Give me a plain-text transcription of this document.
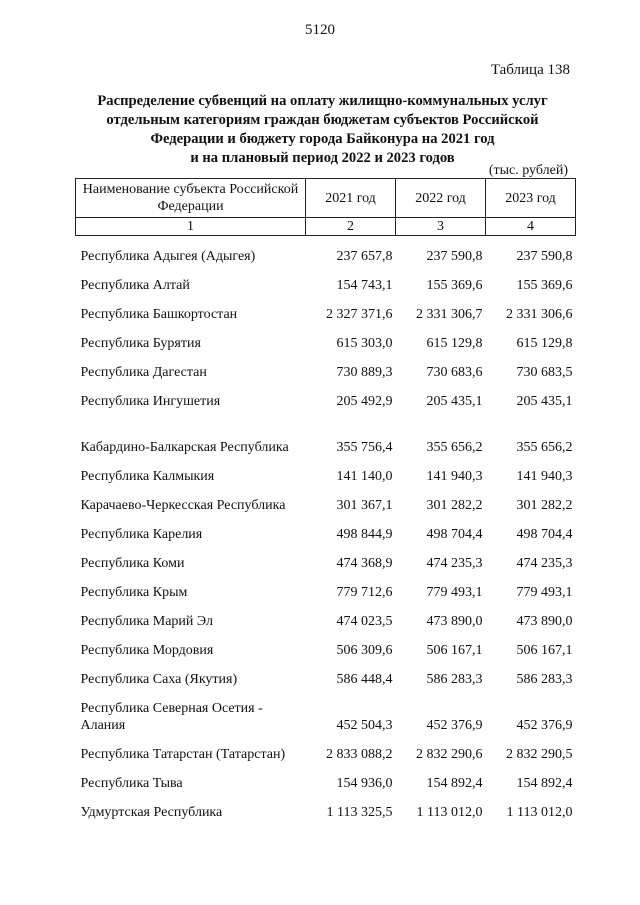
5120
Таблица 138
Распределение субвенций на оплату жилищно-коммунальных услуг
отдельным категориям граждан бюджетам субъектов Российской
Федерации и бюджету города Байконура на 2021 год
и на плановый период 2022 и 2023 годов
(тыс. рублей)
Наименование субъекта Российской Федерации	2021 год	2022 год	2023 год
1	2	3	4
Республика Адыгея (Адыгея)	237 657,8	237 590,8	237 590,8
Республика Алтай	154 743,1	155 369,6	155 369,6
Республика Башкортостан	2 327 371,6	2 331 306,7	2 331 306,6
Республика Бурятия	615 303,0	615 129,8	615 129,8
Республика Дагестан	730 889,3	730 683,6	730 683,5
Республика Ингушетия	205 492,9	205 435,1	205 435,1
Кабардино-Балкарская Республика	355 756,4	355 656,2	355 656,2
Республика Калмыкия	141 140,0	141 940,3	141 940,3
Карачаево-Черкесская Республика	301 367,1	301 282,2	301 282,2
Республика Карелия	498 844,9	498 704,4	498 704,4
Республика Коми	474 368,9	474 235,3	474 235,3
Республика Крым	779 712,6	779 493,1	779 493,1
Республика Марий Эл	474 023,5	473 890,0	473 890,0
Республика Мордовия	506 309,6	506 167,1	506 167,1
Республика Саха (Якутия)	586 448,4	586 283,3	586 283,3
Республика Северная Осетия - Алания	452 504,3	452 376,9	452 376,9
Республика Татарстан (Татарстан)	2 833 088,2	2 832 290,6	2 832 290,5
Республика Тыва	154 936,0	154 892,4	154 892,4
Удмуртская Республика	1 113 325,5	1 113 012,0	1 113 012,0
